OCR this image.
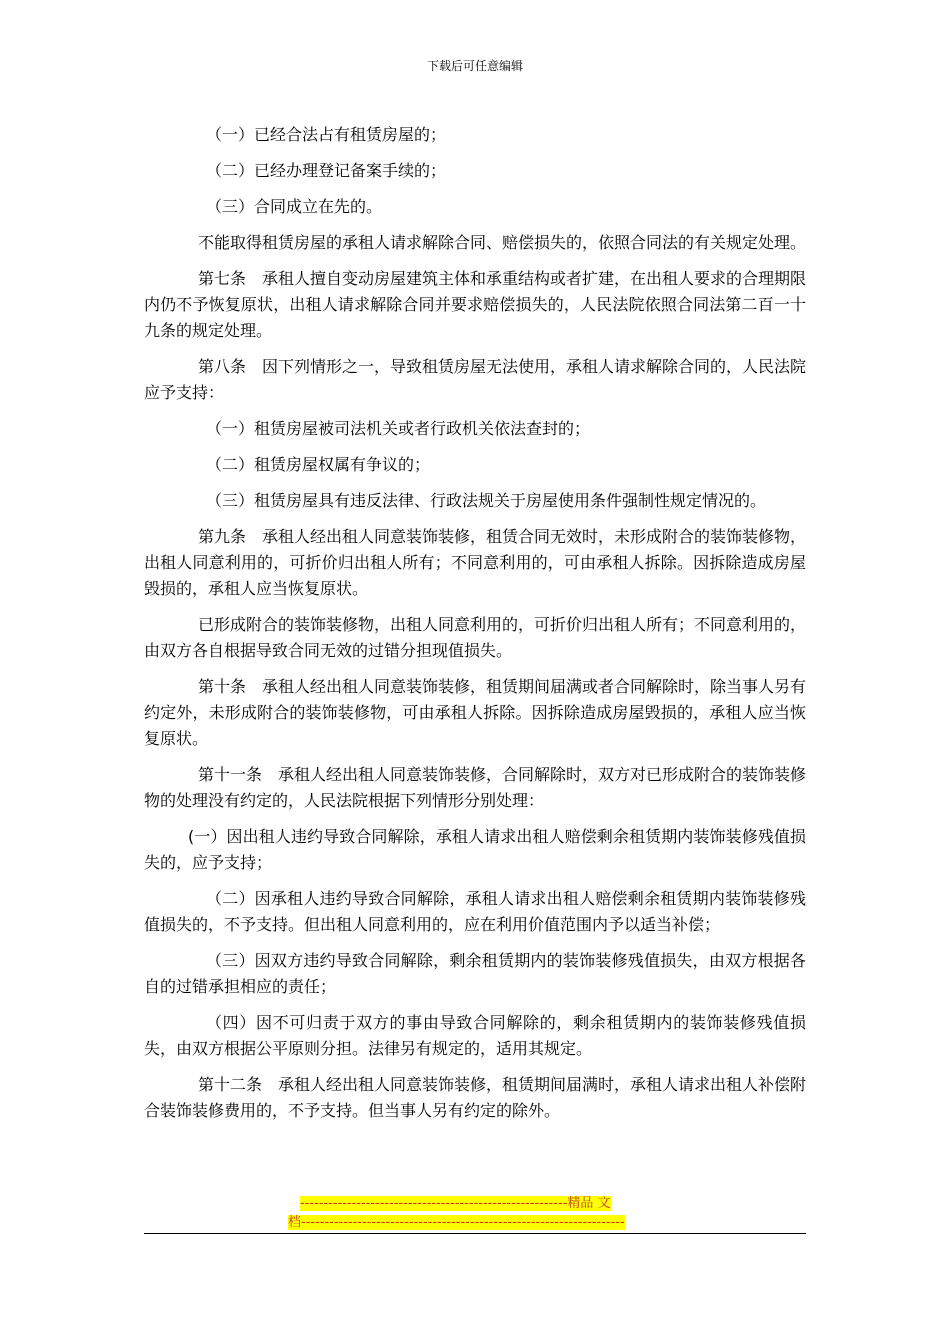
下载后可任意编辑

（一）已经合法占有租赁房屋的；

（二）已经办理登记备案手续的；

（三）合同成立在先的。

不能取得租赁房屋的承租人请求解除合同、赔偿损失的，依照合同法的有关规定处理。

第七条　承租人擅自变动房屋建筑主体和承重结构或者扩建，在出租人要求的合理期限内仍不予恢复原状，出租人请求解除合同并要求赔偿损失的，人民法院依照合同法第二百一十九条的规定处理。

第八条　因下列情形之一，导致租赁房屋无法使用，承租人请求解除合同的，人民法院应予支持：

（一）租赁房屋被司法机关或者行政机关依法查封的；

（二）租赁房屋权属有争议的；

（三）租赁房屋具有违反法律、行政法规关于房屋使用条件强制性规定情况的。

第九条　承租人经出租人同意装饰装修，租赁合同无效时，未形成附合的装饰装修物，出租人同意利用的，可折价归出租人所有；不同意利用的，可由承租人拆除。因拆除造成房屋毁损的，承租人应当恢复原状。

已形成附合的装饰装修物，出租人同意利用的，可折价归出租人所有；不同意利用的，由双方各自根据导致合同无效的过错分担现值损失。

第十条　承租人经出租人同意装饰装修，租赁期间届满或者合同解除时，除当事人另有约定外，未形成附合的装饰装修物，可由承租人拆除。因拆除造成房屋毁损的，承租人应当恢复原状。

第十一条　承租人经出租人同意装饰装修，合同解除时，双方对已形成附合的装饰装修物的处理没有约定的，人民法院根据下列情形分别处理：

(一）因出租人违约导致合同解除，承租人请求出租人赔偿剩余租赁期内装饰装修残值损失的，应予支持；

（二）因承租人违约导致合同解除，承租人请求出租人赔偿剩余租赁期内装饰装修残值损失的，不予支持。但出租人同意利用的，应在利用价值范围内予以适当补偿；

（三）因双方违约导致合同解除，剩余租赁期内的装饰装修残值损失，由双方根据各自的过错承担相应的责任；

（四）因不可归责于双方的事由导致合同解除的，剩余租赁期内的装饰装修残值损失，由双方根据公平原则分担。法律另有规定的，适用其规定。

第十二条　承租人经出租人同意装饰装修，租赁期间届满时，承租人请求出租人补偿附合装饰装修费用的，不予支持。但当事人另有约定的除外。

---------------------------------------------------------精品 文
档---------------------------------------------------------------------
